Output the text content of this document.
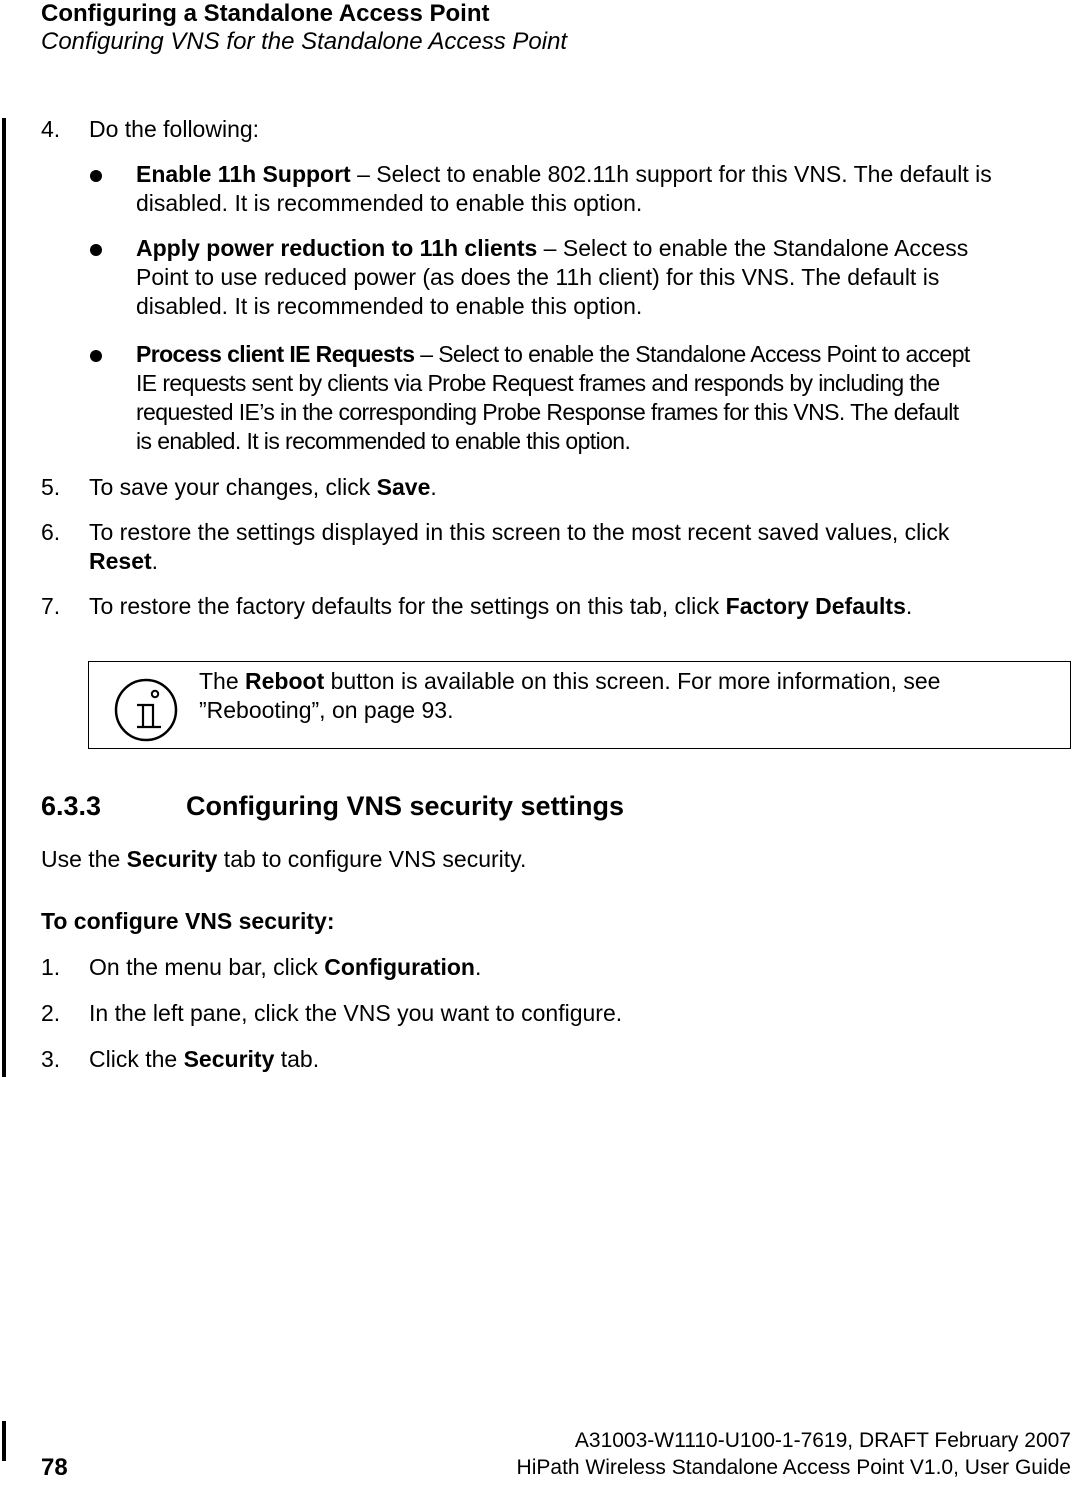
Configuring a Standalone Access Point
Configuring VNS for the Standalone Access Point
4.	Do the following:
Enable 11h Support – Select to enable 802.11h support for this VNS. The default is
disabled. It is recommended to enable this option.
Apply power reduction to 11h clients – Select to enable the Standalone Access
Point to use reduced power (as does the 11h client) for this VNS. The default is
disabled. It is recommended to enable this option.
Process client IE Requests – Select to enable the Standalone Access Point to accept
IE requests sent by clients via Probe Request frames and responds by including the
requested IE’s in the corresponding Probe Response frames for this VNS. The default
is enabled. It is recommended to enable this option.
5.	To save your changes, click Save.
6.	To restore the settings displayed in this screen to the most recent saved values, click
Reset.
7.	To restore the factory defaults for the settings on this tab, click Factory Defaults.
The Reboot button is available on this screen. For more information, see
”Rebooting”, on page 93.
6.3.3	Configuring VNS security settings
Use the Security tab to configure VNS security.
To configure VNS security:
1.	On the menu bar, click Configuration.
2.	In the left pane, click the VNS you want to configure.
3.	Click the Security tab.
78
A31003-W1110-U100-1-7619, DRAFT February 2007
HiPath Wireless Standalone Access Point V1.0, User Guide
